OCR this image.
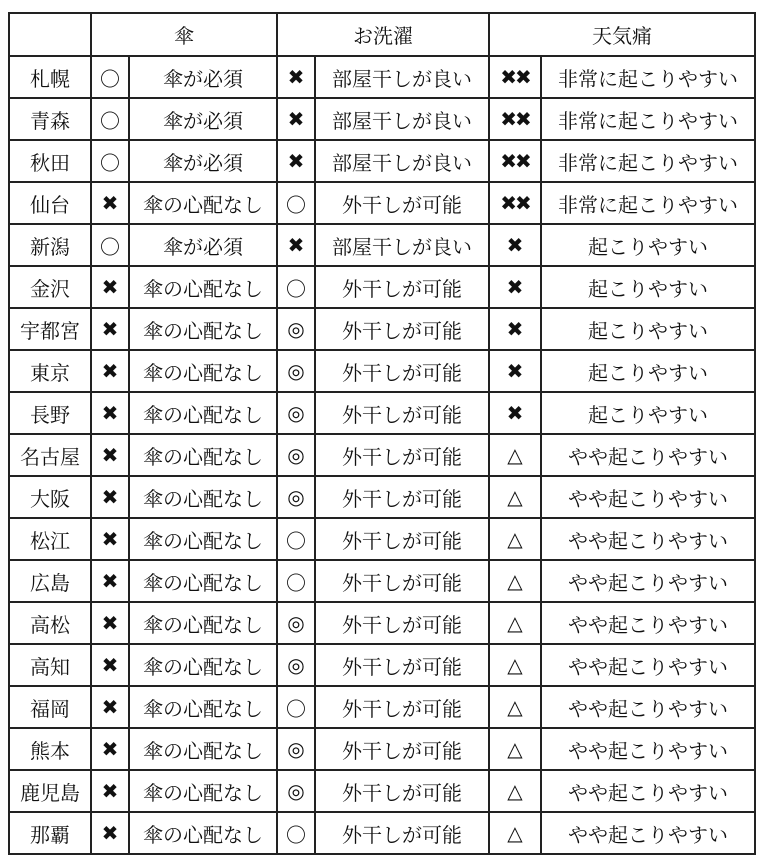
	傘		お洗濯		天気痛	
札幌	〇	傘が必須	✖	部屋干しが良い	✖✖	非常に起こりやすい
青森	〇	傘が必須	✖	部屋干しが良い	✖✖	非常に起こりやすい
秋田	〇	傘が必須	✖	部屋干しが良い	✖✖	非常に起こりやすい
仙台	✖	傘の心配なし	〇	外干しが可能	✖✖	非常に起こりやすい
新潟	〇	傘が必須	✖	部屋干しが良い	✖	起こりやすい
金沢	✖	傘の心配なし	〇	外干しが可能	✖	起こりやすい
宇都宮	✖	傘の心配なし	◎	外干しが可能	✖	起こりやすい
東京	✖	傘の心配なし	◎	外干しが可能	✖	起こりやすい
長野	✖	傘の心配なし	◎	外干しが可能	✖	起こりやすい
名古屋	✖	傘の心配なし	◎	外干しが可能	△	やや起こりやすい
大阪	✖	傘の心配なし	◎	外干しが可能	△	やや起こりやすい
松江	✖	傘の心配なし	〇	外干しが可能	△	やや起こりやすい
広島	✖	傘の心配なし	〇	外干しが可能	△	やや起こりやすい
高松	✖	傘の心配なし	◎	外干しが可能	△	やや起こりやすい
高知	✖	傘の心配なし	◎	外干しが可能	△	やや起こりやすい
福岡	✖	傘の心配なし	〇	外干しが可能	△	やや起こりやすい
熊本	✖	傘の心配なし	◎	外干しが可能	△	やや起こりやすい
鹿児島	✖	傘の心配なし	◎	外干しが可能	△	やや起こりやすい
那覇	✖	傘の心配なし	〇	外干しが可能	△	やや起こりやすい
